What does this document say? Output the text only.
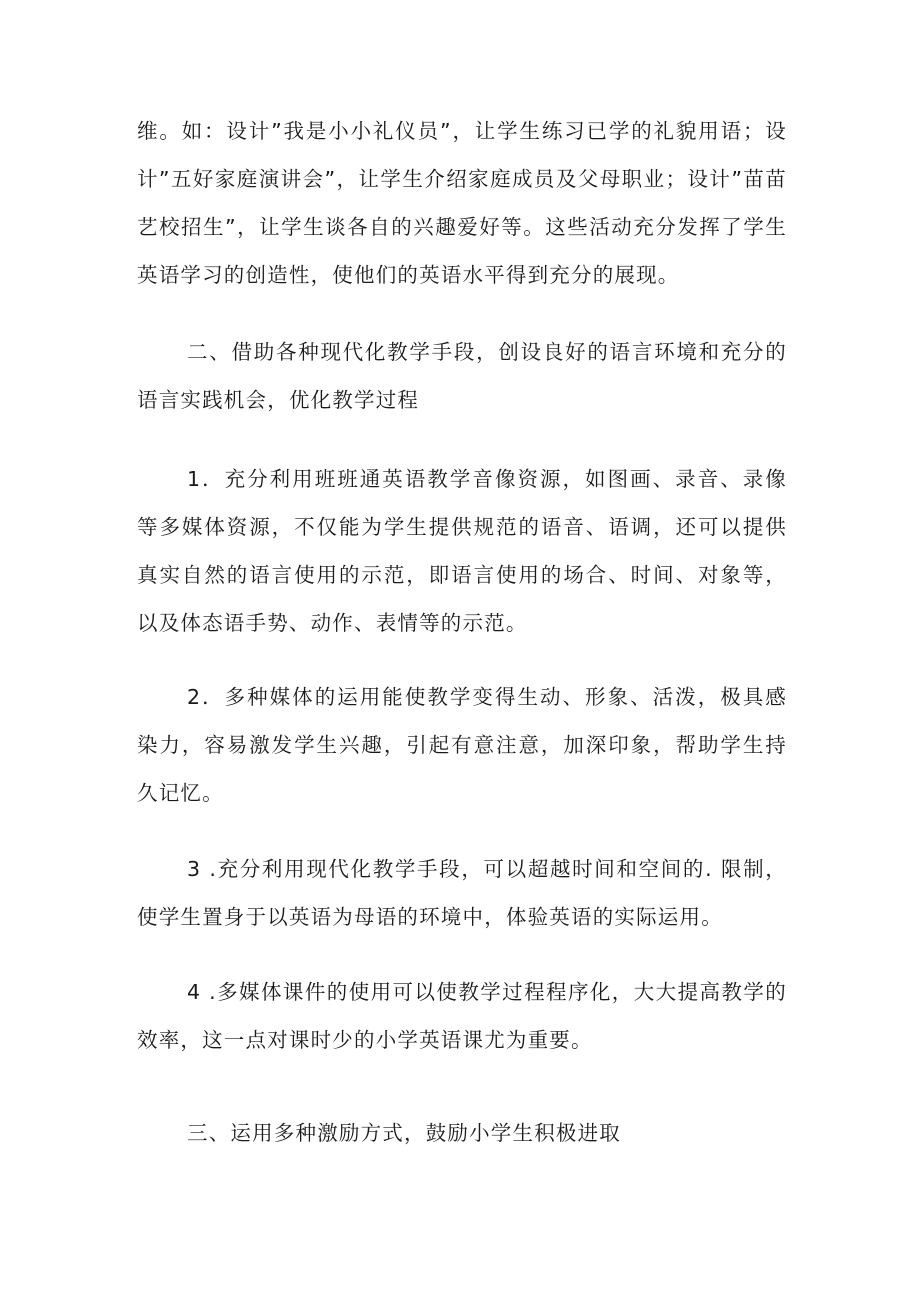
维。如：设计”我是小小礼仪员”，让学生练习已学的礼貌用语；设计”五好家庭演讲会”，让学生介绍家庭成员及父母职业；设计”苗苗艺校招生”，让学生谈各自的兴趣爱好等。这些活动充分发挥了学生英语学习的创造性，使他们的英语水平得到充分的展现。

二、借助各种现代化教学手段，创设良好的语言环境和充分的语言实践机会，优化教学过程

1．充分利用班班通英语教学音像资源，如图画、录音、录像等多媒体资源，不仅能为学生提供规范的语音、语调，还可以提供真实自然的语言使用的示范，即语言使用的场合、时间、对象等，以及体态语手势、动作、表情等的示范。

2．多种媒体的运用能使教学变得生动、形象、活泼，极具感染力，容易激发学生兴趣，引起有意注意，加深印象，帮助学生持久记忆。

3 .充分利用现代化教学手段，可以超越时间和空间的. 限制，使学生置身于以英语为母语的环境中，体验英语的实际运用。

4 .多媒体课件的使用可以使教学过程程序化，大大提高教学的效率，这一点对课时少的小学英语课尤为重要。

三、运用多种激励方式，鼓励小学生积极进取
